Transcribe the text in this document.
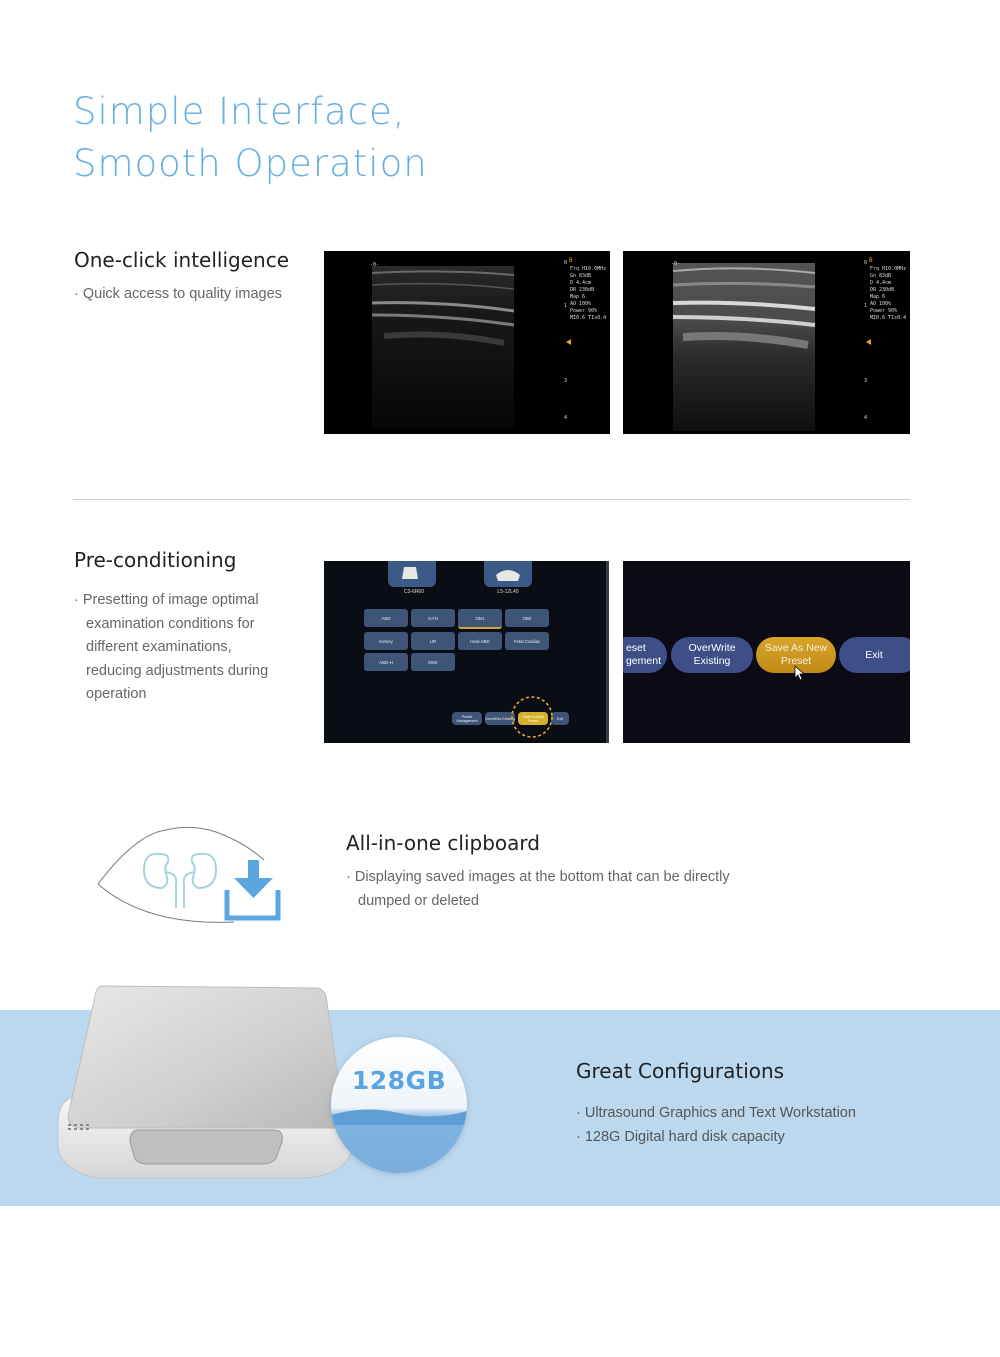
Simple Interface,
Smooth Operation
One-click intelligence
· Quick access to quality images
-0-
B
Frq H10.0MHz
Gn 83dB
D 4.4cm
DR 230dB
Map 6
AO 100%
Power 90%
MI0.6 TIs0.4
0
1
3
4
-0-	B
Frq H10.0MHz
Gn 83dB
D 4.4cm
DR 230dB
Map 6
AO 100%
Power 90%
MI0.6 TIs0.4
0
1
3
4
Pre-conditioning
· Presetting of image optimal
examination conditions for
different examinations,
reducing adjustments during
operation
C3-6R60	L5-12L40
ABD	GYN	OB1	OB2
Kidney	UR	Heal ABD	Fetal Cardiac
ABD-H	MSK
Preset Management	OverWrite Existing	Save As New Preset	Exit
eset
gement
OverWrite
Existing
Save As New
Preset	Exit
All-in-one clipboard
· Displaying saved images at the bottom that can be directly
dumped or deleted
128GB	Great Configurations
· Ultrasound Graphics and Text Workstation
· 128G Digital hard disk capacity
